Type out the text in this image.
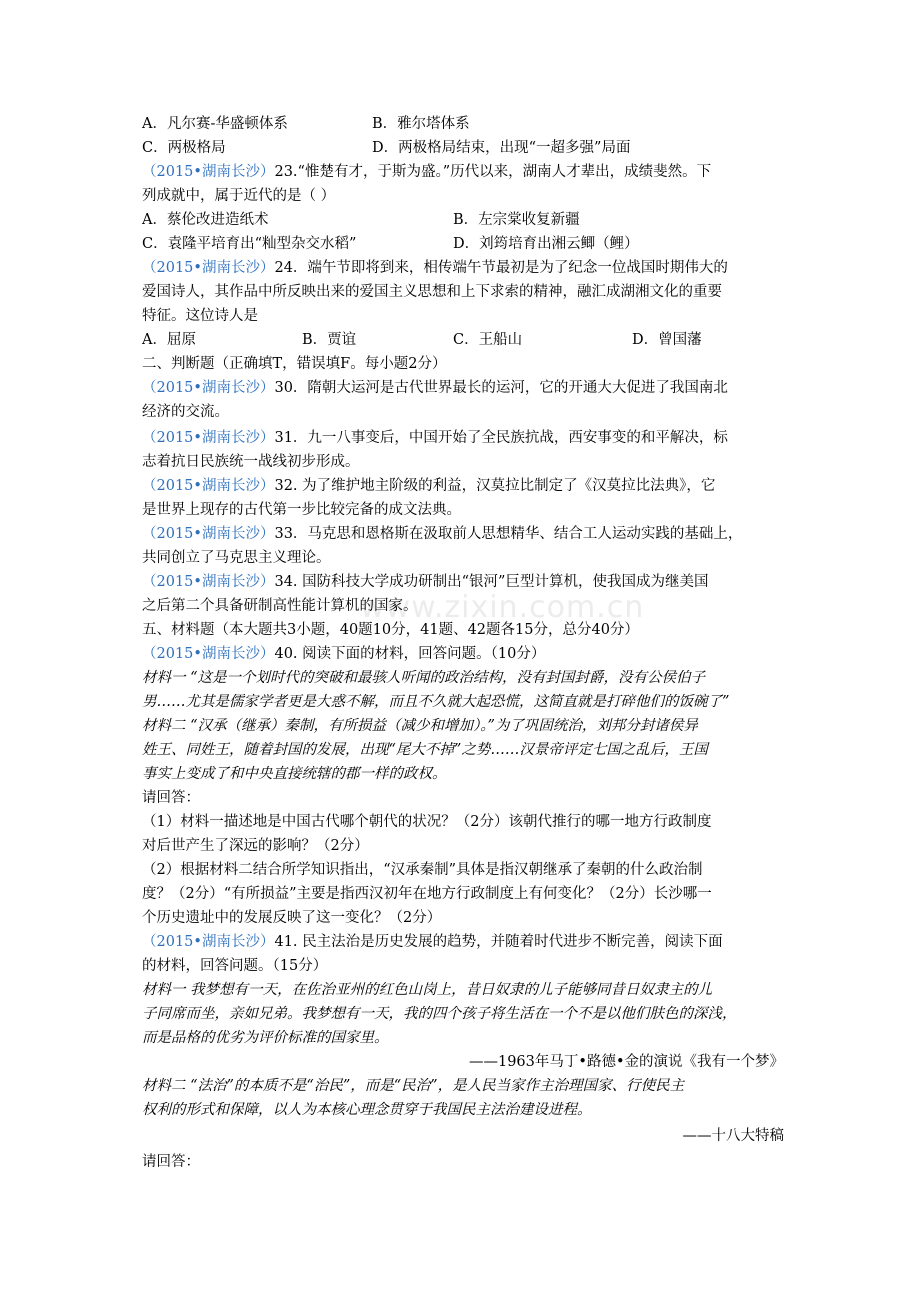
www.zixin.com.cn
A．凡尔赛-华盛顿体系	B．雅尔塔体系
C．两极格局	D．两极格局结束，出现“一超多强”局面
（2015•湖南长沙）23.“惟楚有才，于斯为盛。”历代以来，湖南人才辈出，成绩斐然。下
列成就中，属于近代的是（ ）
A．蔡伦改进造纸术	B．左宗棠收复新疆
C．袁隆平培育出“籼型杂交水稻”	D．刘筠培育出湘云鲫（鲤）
（2015•湖南长沙）24．端午节即将到来，相传端午节最初是为了纪念一位战国时期伟大的
爱国诗人，其作品中所反映出来的爱国主义思想和上下求索的精神，融汇成湖湘文化的重要
特征。这位诗人是
A．屈原	B．贾谊	C．王船山	D．曾国藩
二、判断题（正确填T，错误填F。每小题2分）
（2015•湖南长沙）30．隋朝大运河是古代世界最长的运河，它的开通大大促进了我国南北
经济的交流。
（2015•湖南长沙）31．九一八事变后，中国开始了全民族抗战，西安事变的和平解决，标
志着抗日民族统一战线初步形成。
（2015•湖南长沙）32. 为了维护地主阶级的利益，汉莫拉比制定了《汉莫拉比法典》，它
是世界上现存的古代第一步比较完备的成文法典。
（2015•湖南长沙）33．马克思和恩格斯在汲取前人思想精华、结合工人运动实践的基础上，
共同创立了马克思主义理论。
（2015•湖南长沙）34. 国防科技大学成功研制出“银河”巨型计算机，使我国成为继美国
之后第二个具备研制高性能计算机的国家。
五、材料题（本大题共3小题，40题10分，41题、42题各15分，总分40分）
（2015•湖南长沙）40. 阅读下面的材料，回答问题。（10分）
材料一 “这是一个划时代的突破和最骇人听闻的政治结构，没有封国封爵，没有公侯伯子
男……尤其是儒家学者更是大惑不解，而且不久就大起恐慌，这简直就是打碎他们的饭碗了”
材料二 “汉承（继承）秦制，有所损益（减少和增加）。”为了巩固统治，刘邦分封诸侯异
姓王、同姓王，随着封国的发展，出现“尾大不掉”之势……汉景帝评定七国之乱后，王国
事实上变成了和中央直接统辖的郡一样的政权。
请回答：
（1）材料一描述地是中国古代哪个朝代的状况？（2分）该朝代推行的哪一地方行政制度
对后世产生了深远的影响？（2分）
（2）根据材料二结合所学知识指出，“汉承秦制”具体是指汉朝继承了秦朝的什么政治制
度？（2分）“有所损益”主要是指西汉初年在地方行政制度上有何变化？（2分）长沙哪一
个历史遗址中的发展反映了这一变化？（2分）
（2015•湖南长沙）41. 民主法治是历史发展的趋势，并随着时代进步不断完善，阅读下面
的材料，回答问题。（15分）
材料一 我梦想有一天，在佐治亚州的红色山岗上，昔日奴隶的儿子能够同昔日奴隶主的儿
子同席而坐，亲如兄弟。我梦想有一天，我的四个孩子将生活在一个不是以他们肤色的深浅，
而是品格的优劣为评价标准的国家里。
——1963年马丁•路德•金的演说《我有一个梦》
材料二 “法治”的本质不是“治民”，而是“民治”，是人民当家作主治理国家、行使民主
权利的形式和保障，以人为本核心理念贯穿于我国民主法治建设进程。
——十八大特稿
请回答：
